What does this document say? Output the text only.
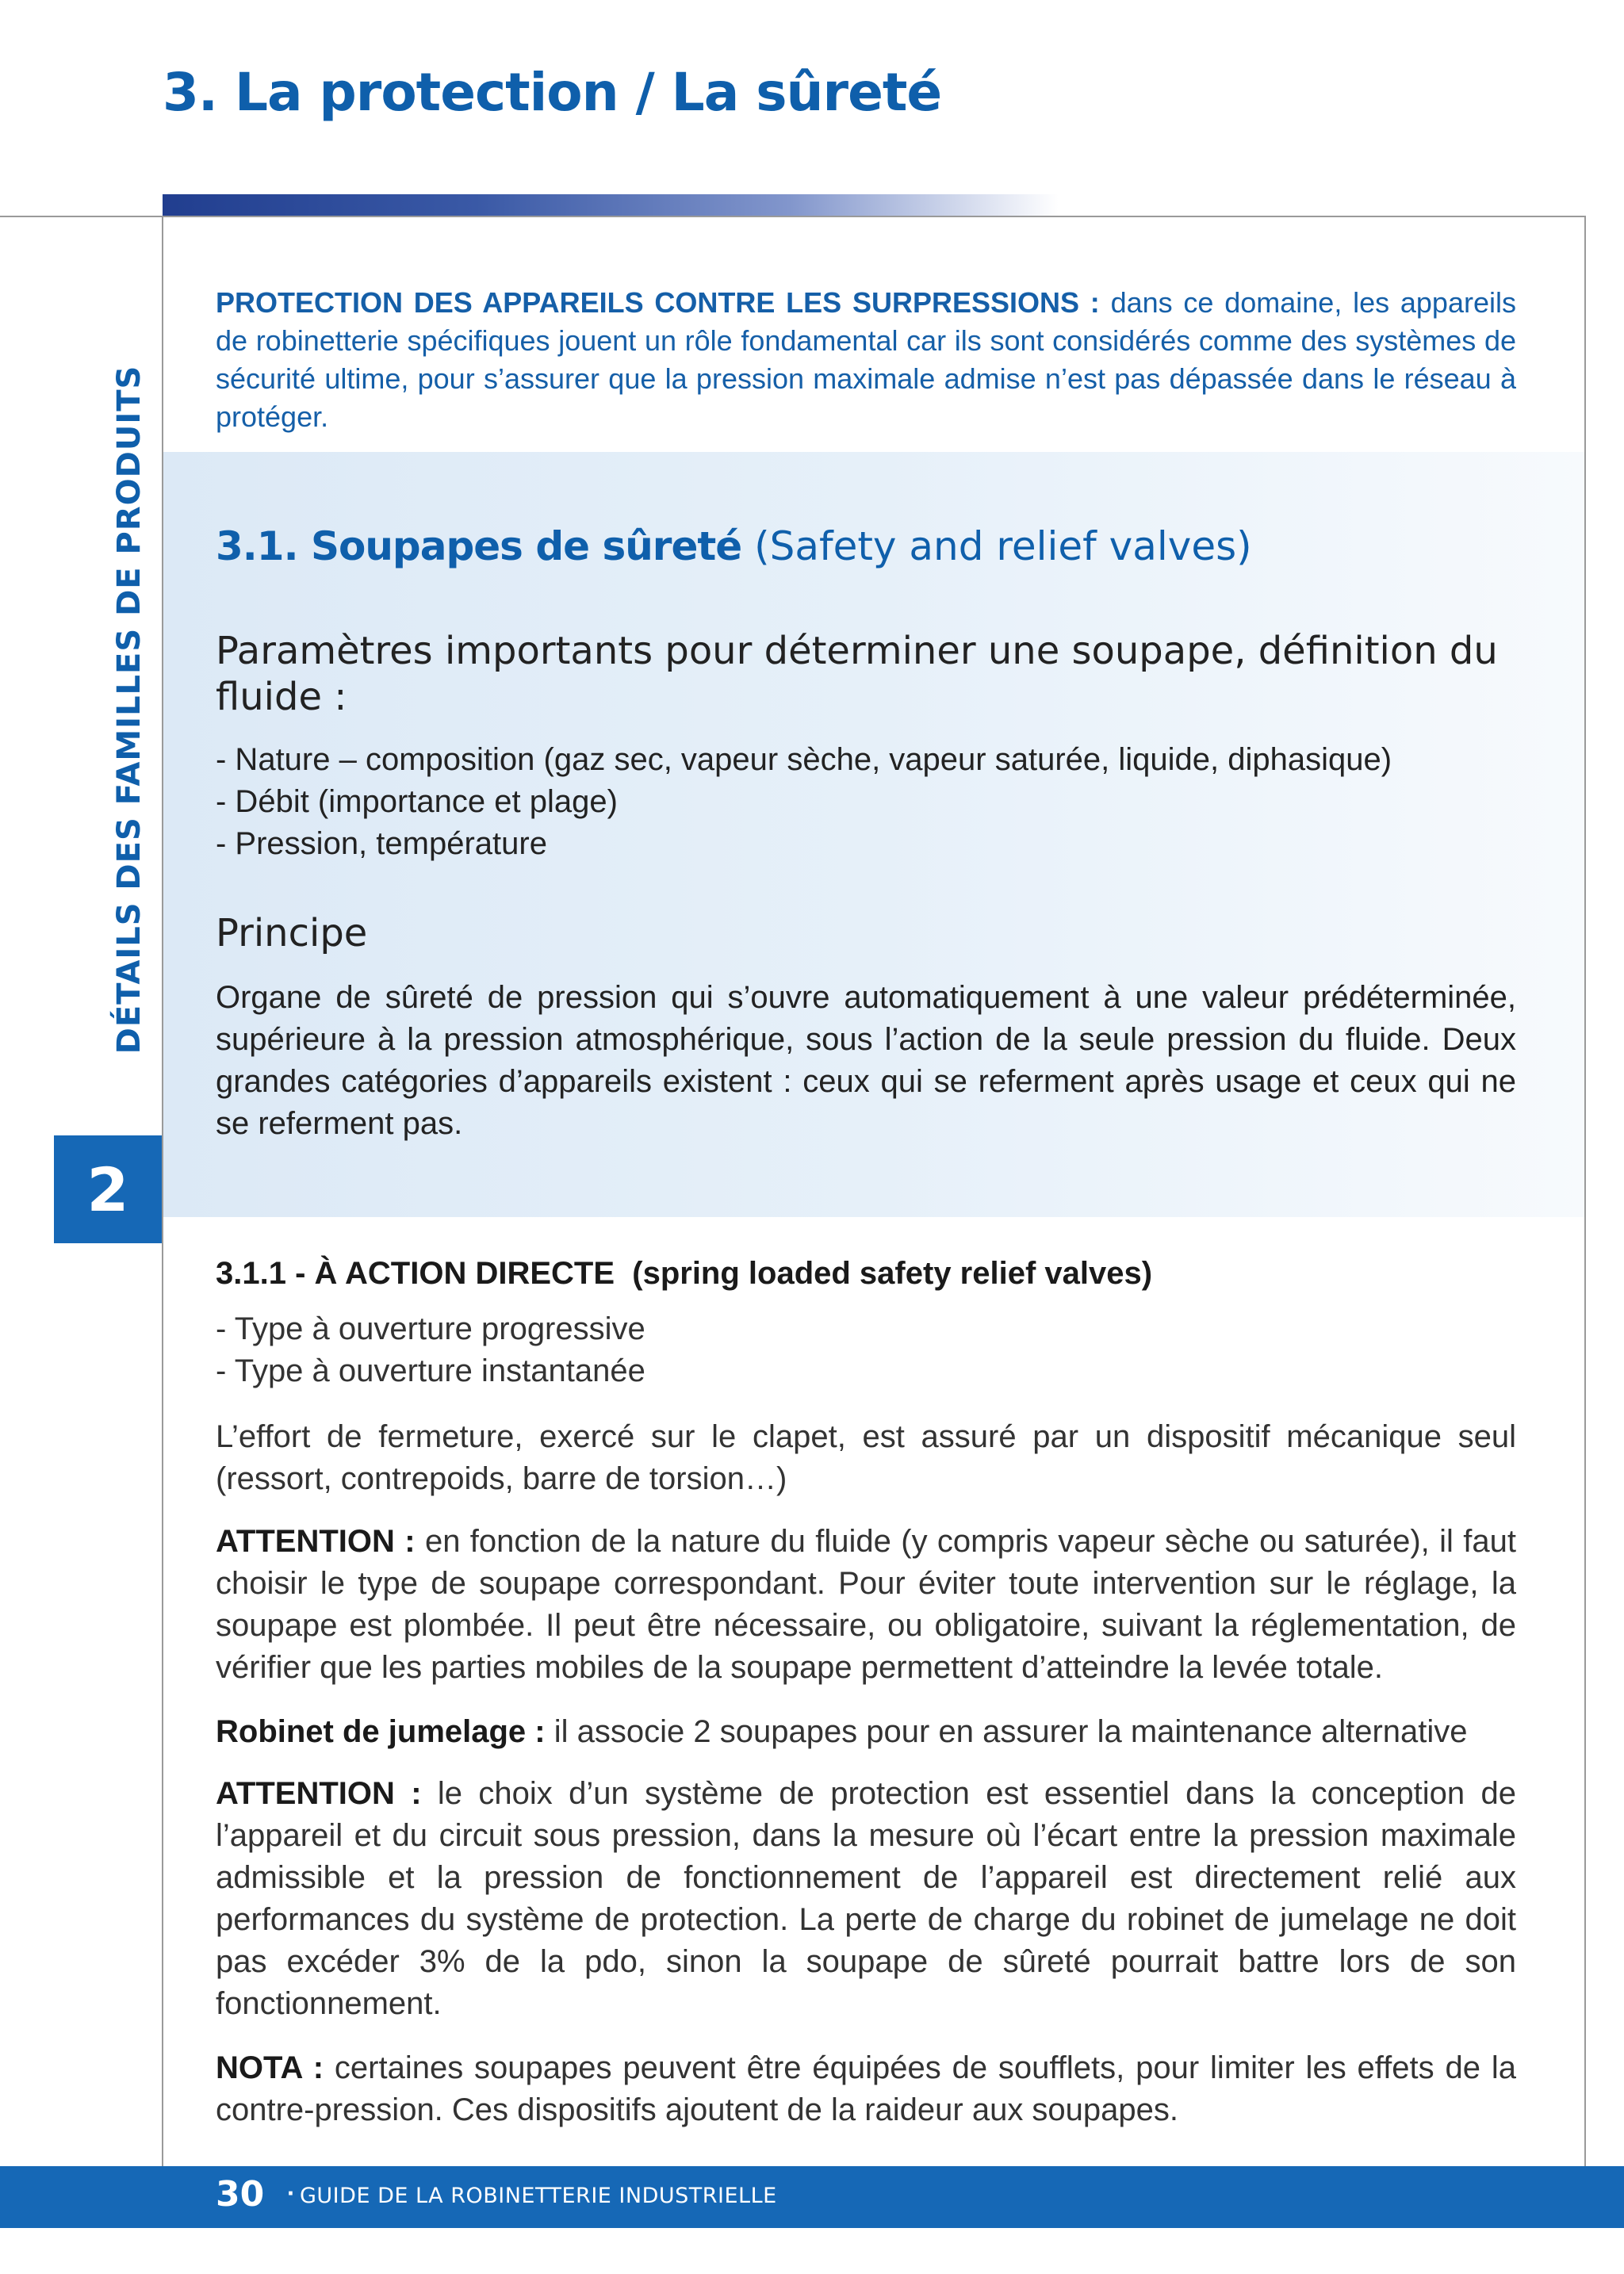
3. La protection / La sûreté
DÉTAILS DES FAMILLES DE PRODUITS
2

PROTECTION DES APPAREILS CONTRE LES SURPRESSIONS : dans ce domaine, les appareils de robinetterie spécifiques jouent un rôle fondamental car ils sont considérés comme des systèmes de sécurité ultime, pour s’assurer que la pression maximale admise n’est pas dépassée dans le réseau à protéger.

3.1. Soupapes de sûreté (Safety and relief valves)
Paramètres importants pour déterminer une soupape, définition du fluide :
- Nature – composition (gaz sec, vapeur sèche, vapeur saturée, liquide, diphasique)
- Débit (importance et plage)
- Pression, température
Principe

Organe de sûreté de pression qui s’ouvre automatiquement à une valeur prédéterminée, supérieure à la pression atmosphérique, sous l’action de la seule pression du fluide. Deux grandes catégories d’appareils existent : ceux qui se referment après usage et ceux qui ne se referment pas.

3.1.1 - À ACTION DIRECTE  (spring loaded safety relief valves)
- Type à ouverture progressive
- Type à ouverture instantanée

L’effort de fermeture, exercé sur le clapet, est assuré par un dispositif mécanique seul (ressort, contrepoids, barre de torsion…)

ATTENTION : en fonction de la nature du fluide (y compris vapeur sèche ou saturée), il faut choisir le type de soupape correspondant. Pour éviter toute intervention sur le réglage, la soupape est plombée. Il peut être nécessaire, ou obligatoire, suivant la réglementation, de vérifier que les parties mobiles de la soupape permettent d’atteindre la levée totale.

Robinet de jumelage : il associe 2 soupapes pour en assurer la maintenance alternative

ATTENTION : le choix d’un système de protection est essentiel dans la conception de l’appareil et du circuit sous pression, dans la mesure où l’écart entre la pression maximale admissible et la pression de fonctionnement de l’appareil est directement relié aux performances du système de protection. La perte de charge du robinet de jumelage ne doit pas excéder 3% de la pdo, sinon la soupape de sûreté pourrait battre lors de son fonctionnement.

NOTA : certaines soupapes peuvent être équipées de soufflets, pour limiter les effets de la contre-pression. Ces dispositifs ajoutent de la raideur aux soupapes.

30 · GUIDE DE LA ROBINETTERIE INDUSTRIELLE
